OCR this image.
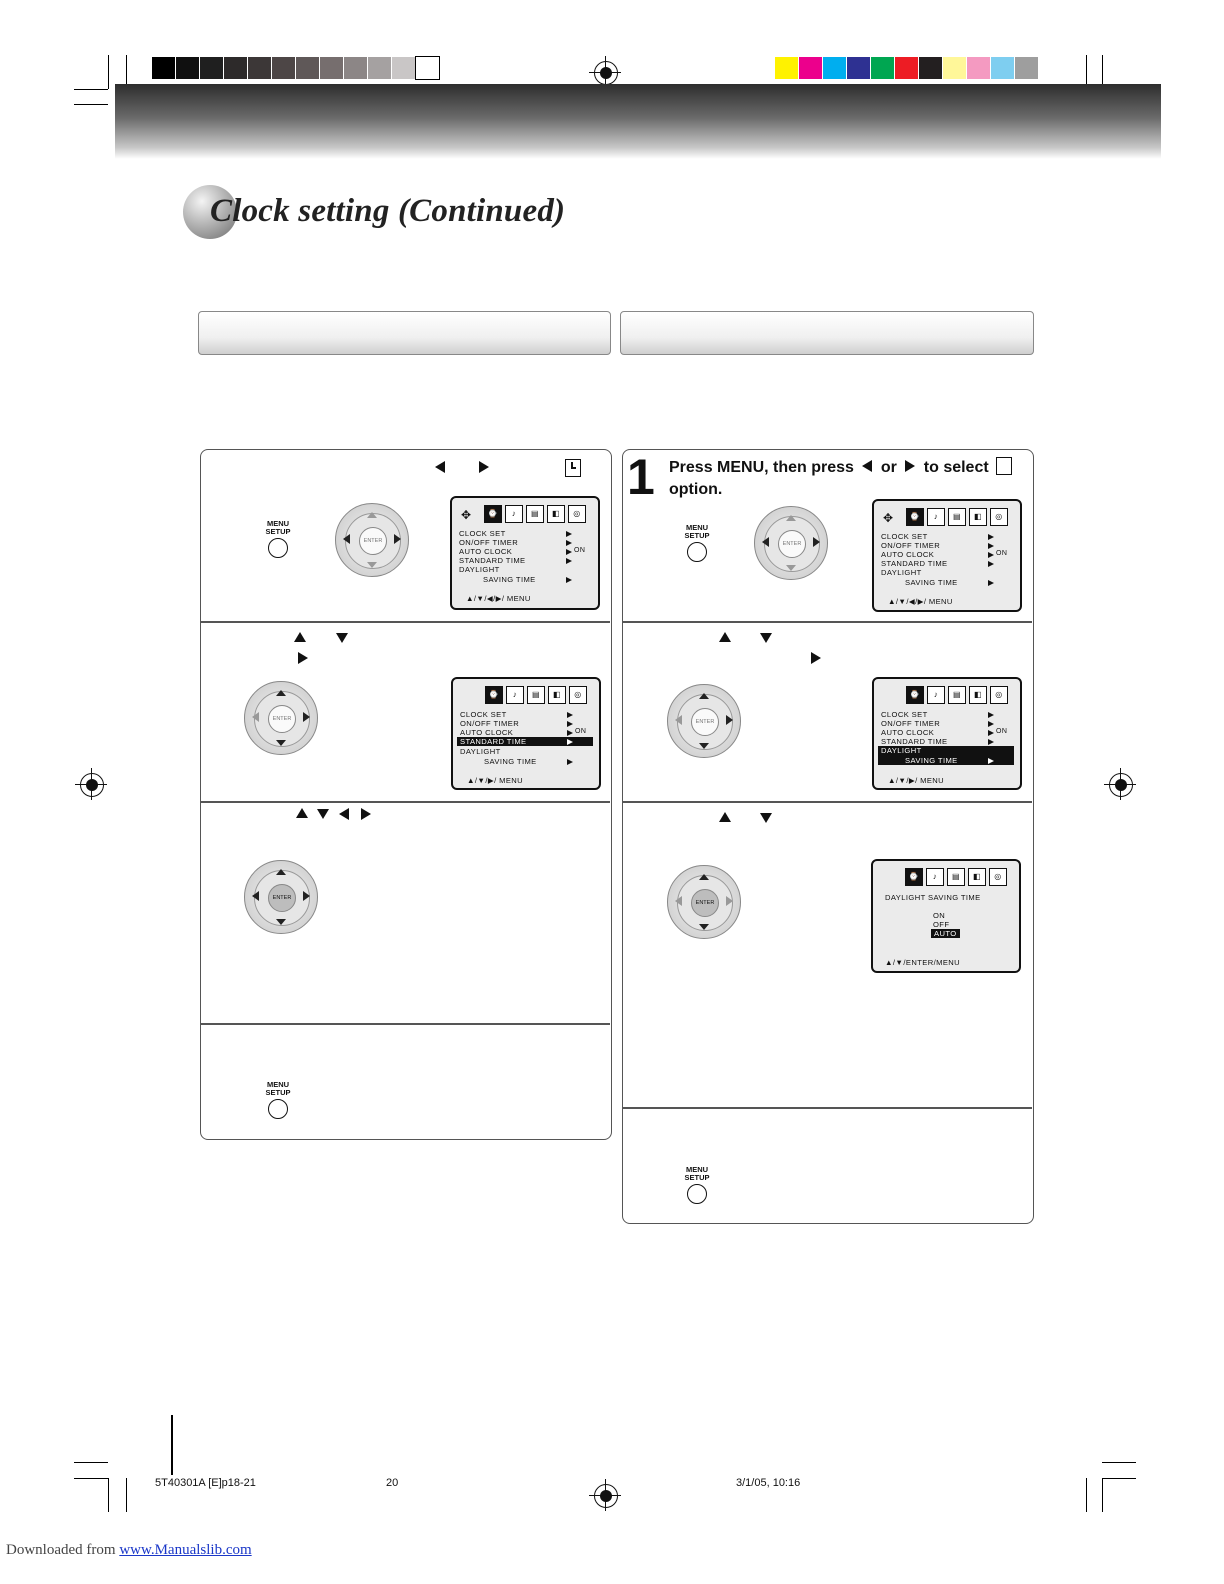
Clock setting (Continued)
MENU
SETUP
ENTER
✥	⌚	♪	▤	◧	◎
CLOCK SET
ON/OFF TIMER
AUTO CLOCK
STANDARD TIME
DAYLIGHT
SAVING TIME
ON
▲/▼/◀/▶/ MENU
ENTER
⌚	♪	▤	◧	◎
CLOCK SET
ON/OFF TIMER
AUTO CLOCK
STANDARD TIME
DAYLIGHT
SAVING TIME
ON
▲/▼/▶/ MENU
ENTER
MENU
SETUP
1 Press MENU, then press or to select
option.
MENU
SETUP
ENTER
✥	⌚	♪	▤	◧	◎
CLOCK SET
ON/OFF TIMER
AUTO CLOCK
STANDARD TIME
DAYLIGHT
SAVING TIME
ON
▲/▼/◀/▶/ MENU
ENTER
⌚	♪	▤	◧	◎
CLOCK SET
ON/OFF TIMER
AUTO CLOCK
STANDARD TIME
DAYLIGHT
SAVING TIME
ON
▲/▼/▶/ MENU
ENTER
⌚	♪	▤	◧	◎
DAYLIGHT SAVING TIME
ON
OFF
AUTO
▲/▼/ENTER/MENU
MENU
SETUP
5T40301A [E]p18-21	20	3/1/05, 10:16
Downloaded from www.Manualslib.com
